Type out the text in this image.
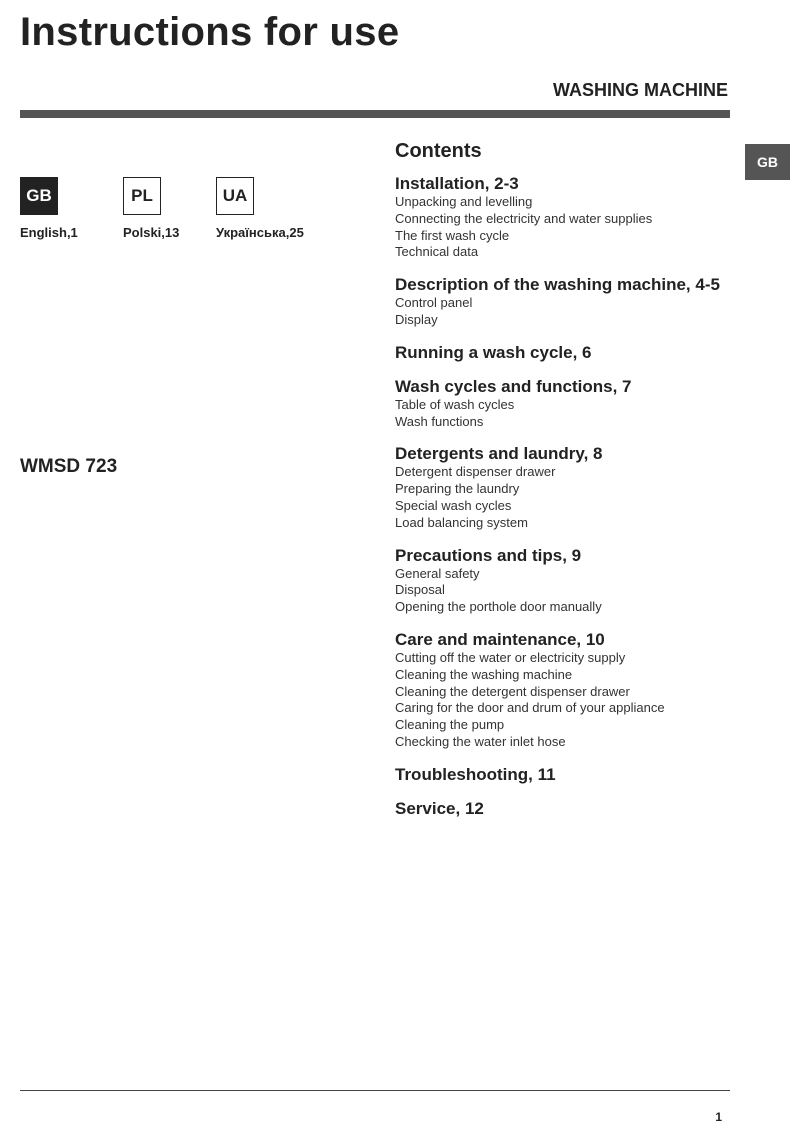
Instructions for use
WASHING MACHINE
GB
GB
English,1
PL
Polski,13
UA
Українська,25
WMSD 723
Contents
Installation, 2-3
Unpacking and levelling
Connecting the electricity and water supplies
The first wash cycle
Technical data
Description of the washing machine, 4-5
Control panel
Display
Running a wash cycle, 6
Wash cycles and functions, 7
Table of wash cycles
Wash functions
Detergents and laundry, 8
Detergent dispenser drawer
Preparing the laundry
Special wash cycles
Load balancing system
Precautions and tips, 9
General safety
Disposal
Opening the porthole door manually
Care and maintenance, 10
Cutting off the water or electricity supply
Cleaning the washing machine
Cleaning the detergent dispenser drawer
Caring for the door and drum of your appliance
Cleaning the pump
Checking the water inlet hose
Troubleshooting, 11
Service, 12
1
